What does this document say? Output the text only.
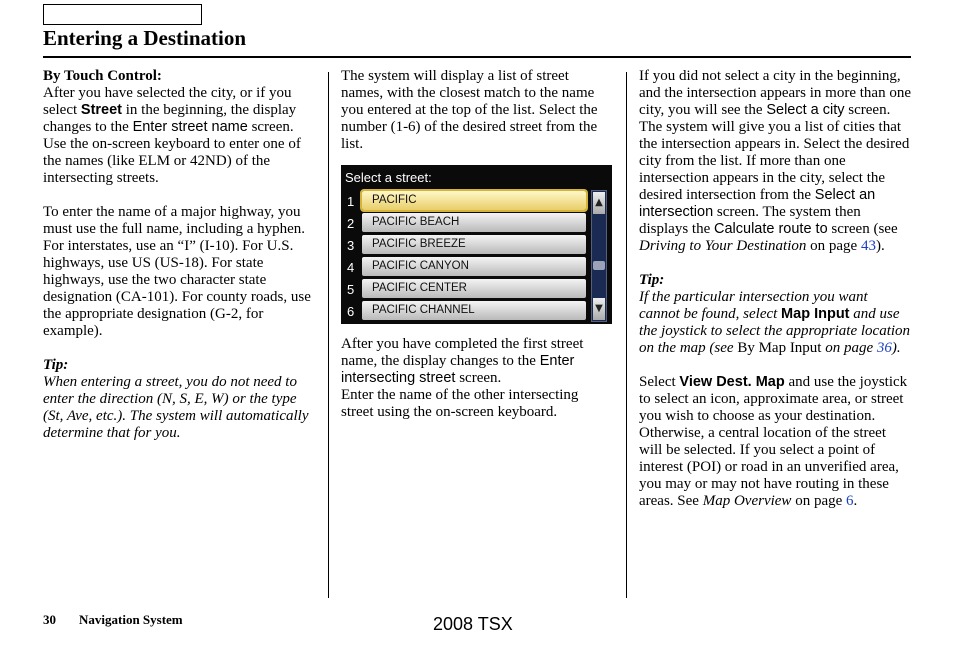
Entering a Destination

By Touch Control:

After you have selected the city, or if you select Street in the beginning, the display changes to the Enter street name screen. Use the on-screen keyboard to enter one of the names (like ELM or 42ND) of the intersecting streets.

To enter the name of a major highway, you must use the full name, including a hyphen. For interstates, use an “I” (I-10). For U.S. highways, use US (US-18). For state highways, use the two character state designation (CA-101). For county roads, use the appropriate designation (G-2, for example).

Tip:

When entering a street, you do not need to enter the direction (N, S, E, W) or the type (St, Ave, etc.). The system will automatically determine that for you.

The system will display a list of street names, with the closest match to the name you entered at the top of the list. Select the number (1-6) of the desired street from the list.

Select a street:
1	PACIFIC
2	PACIFIC BEACH
3	PACIFIC BREEZE
4	PACIFIC CANYON
5	PACIFIC CENTER
6	PACIFIC CHANNEL
▲
▼

After you have completed the first street name, the display changes to the Enter intersecting street screen.

Enter the name of the other intersecting street using the on-screen keyboard.

If you did not select a city in the beginning, and the intersection appears in more than one city, you will see the Select a city screen. The system will give you a list of cities that the intersection appears in. Select the desired city from the list. If more than one intersection appears in the city, select the desired intersection from the Select an intersection screen. The system then displays the Calculate route to screen (see Driving to Your Destination on page 43).

Tip:

If the particular intersection you want cannot be found, select Map Input and use the joystick to select the appropriate location on the map (see By Map Input on page 36).

Select View Dest. Map and use the joystick to select an icon, approximate area, or street you wish to choose as your destination. Otherwise, a central location of the street will be selected. If you select a point of interest (POI) or road in an unverified area, you may or may not have routing in these areas. See Map Overview on page 6.

30 Navigation System	2008 TSX
